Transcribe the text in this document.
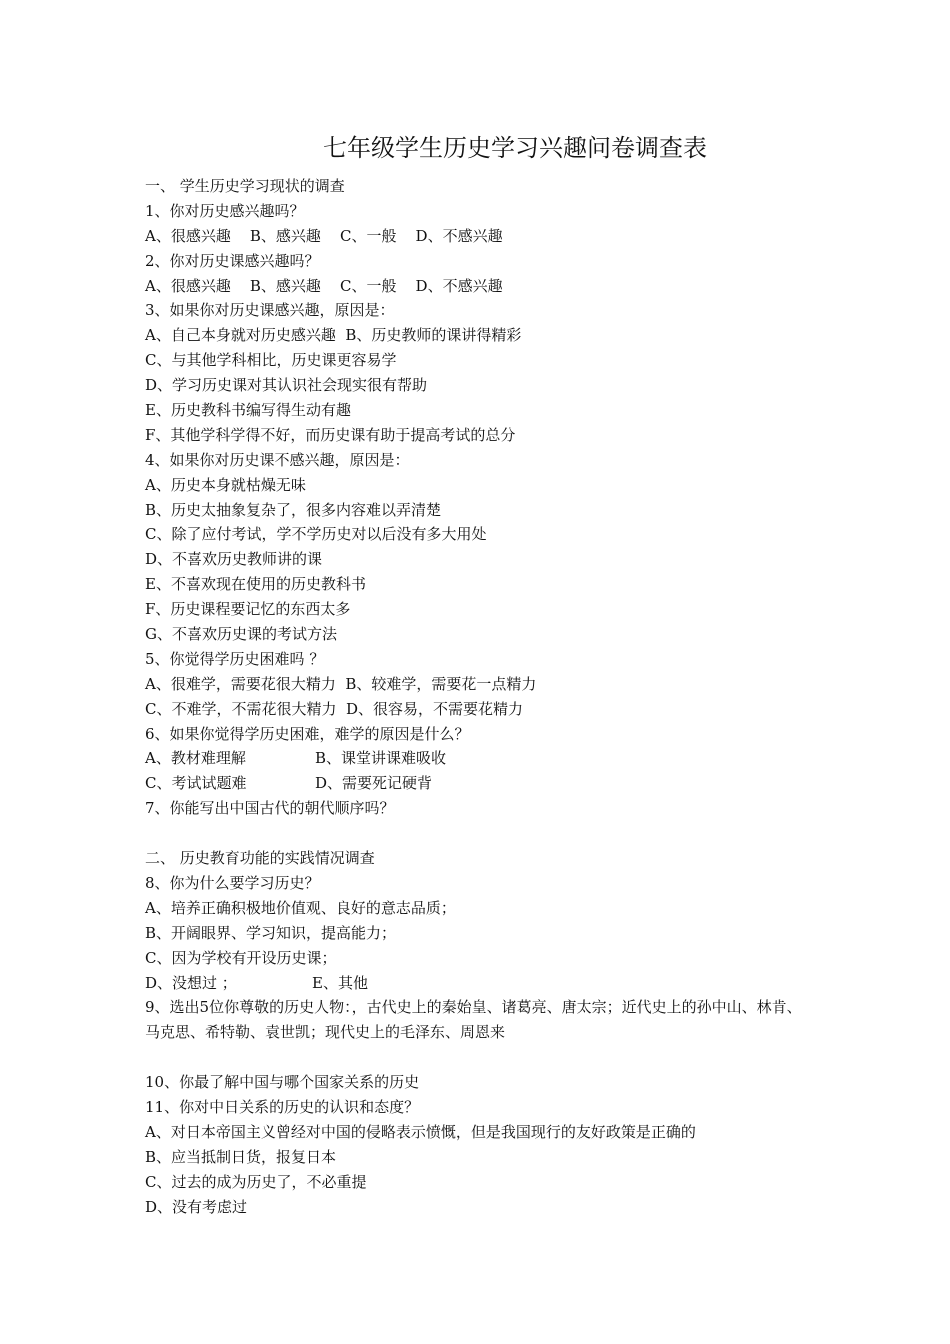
七年级学生历史学习兴趣问卷调查表
一、 学生历史学习现状的调查
1、你对历史感兴趣吗？
A、很感兴趣    B、感兴趣    C、一般    D、不感兴趣
2、你对历史课感兴趣吗？
A、很感兴趣    B、感兴趣    C、一般    D、不感兴趣
3、如果你对历史课感兴趣，原因是：
A、自己本身就对历史感兴趣  B、历史教师的课讲得精彩
C、与其他学科相比，历史课更容易学
D、学习历史课对其认识社会现实很有帮助
E、历史教科书编写得生动有趣
F、其他学科学得不好，而历史课有助于提高考试的总分
4、如果你对历史课不感兴趣，原因是：
A、历史本身就枯燥无味
B、历史太抽象复杂了，很多内容难以弄清楚
C、除了应付考试，学不学历史对以后没有多大用处
D、不喜欢历史教师讲的课
E、不喜欢现在使用的历史教科书
F、历史课程要记忆的东西太多
G、不喜欢历史课的考试方法
5、你觉得学历史困难吗 ？
A、很难学，需要花很大精力  B、较难学，需要花一点精力
C、不难学，不需花很大精力  D、很容易，不需要花精力
6、如果你觉得学历史困难，难学的原因是什么？
A、教材难理解	B、课堂讲课难吸收
C、考试试题难	D、需要死记硬背
7、你能写出中国古代的朝代顺序吗？
二、 历史教育功能的实践情况调查
8、你为什么要学习历史？
A、培养正确积极地价值观、良好的意志品质；
B、开阔眼界、学习知识，提高能力；
C、因为学校有开设历史课；
D、没想过 ；	E、其他
9、选出5位你尊敬的历史人物：，古代史上的秦始皇、诸葛亮、唐太宗；近代史上的孙中山、林肯、马克思、希特勒、袁世凯；现代史上的毛泽东、周恩来
10、你最了解中国与哪个国家关系的历史
11、你对中日关系的历史的认识和态度？
A、对日本帝国主义曾经对中国的侵略表示愤慨，但是我国现行的友好政策是正确的
B、应当抵制日货，报复日本
C、过去的成为历史了，不必重提
D、没有考虑过
